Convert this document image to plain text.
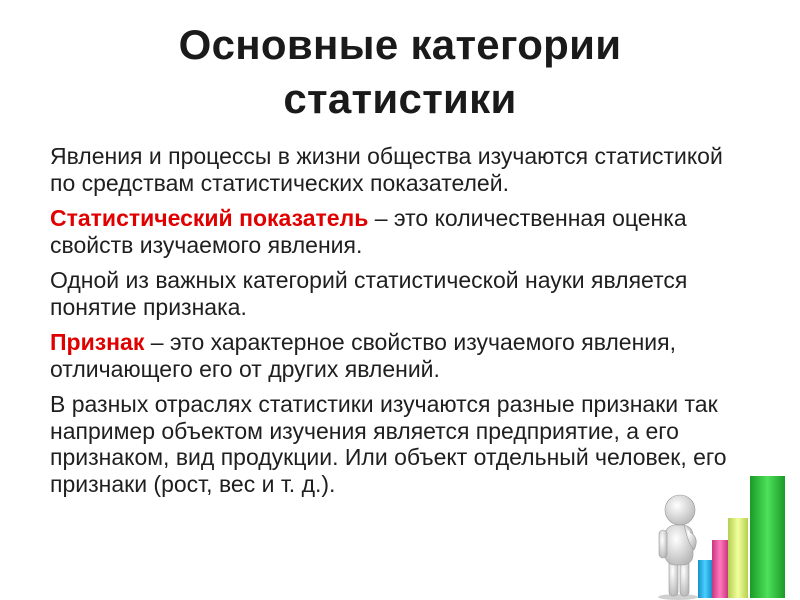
Основные категории
статистики

Явления и процессы в жизни общества изучаются статистикой по средствам статистических показателей.

Статистический показатель – это количественная оценка свойств изучаемого явления.

Одной из важных категорий статистической науки является понятие признака.

Признак – это характерное свойство изучаемого явления, отличающего его от других явлений.

В разных отраслях статистики изучаются разные признаки так например объектом изучения является предприятие, а его признаком, вид продукции. Или объект отдельный человек, его признаки (рост, вес и т. д.).
